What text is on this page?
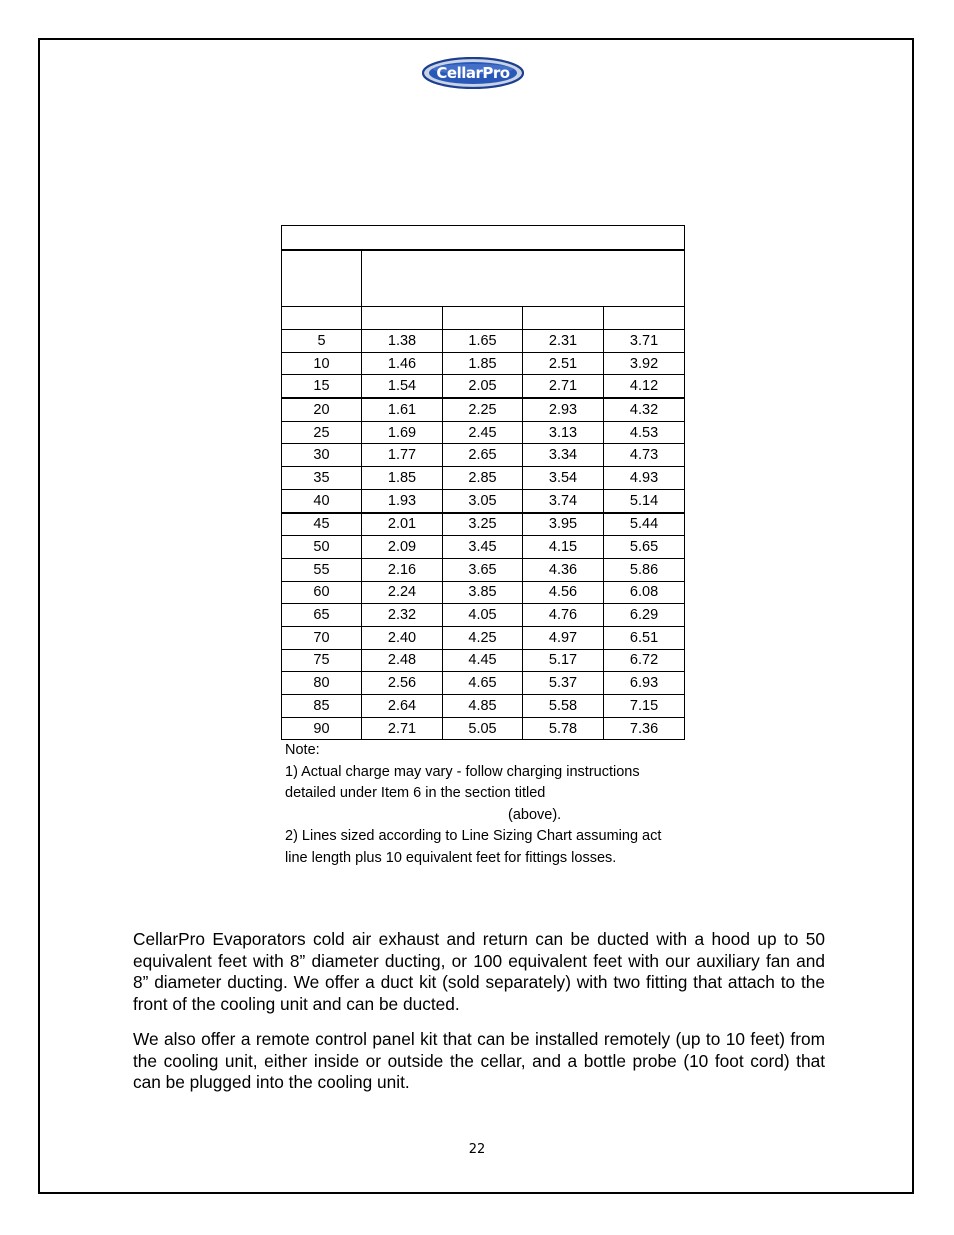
CellarPro

5	1.38	1.65	2.31	3.71
10	1.46	1.85	2.51	3.92
15	1.54	2.05	2.71	4.12
20	1.61	2.25	2.93	4.32
25	1.69	2.45	3.13	4.53
30	1.77	2.65	3.34	4.73
35	1.85	2.85	3.54	4.93
40	1.93	3.05	3.74	5.14
45	2.01	3.25	3.95	5.44
50	2.09	3.45	4.15	5.65
55	2.16	3.65	4.36	5.86
60	2.24	3.85	4.56	6.08
65	2.32	4.05	4.76	6.29
70	2.40	4.25	4.97	6.51
75	2.48	4.45	5.17	6.72
80	2.56	4.65	5.37	6.93
85	2.64	4.85	5.58	7.15
90	2.71	5.05	5.78	7.36
Note:
1) Actual charge may vary - follow charging instructions
detailed under Item 6 in the section titled
(above).
2) Lines sized according to Line Sizing Chart assuming act
line length plus 10 equivalent feet for fittings losses.

CellarPro Evaporators cold air exhaust and return can be ducted with a hood up to 50 equivalent feet with 8” diameter ducting, or 100 equivalent feet with our auxiliary fan and 8” diameter ducting. We offer a duct kit (sold separately) with two fitting that attach to the front of the cooling unit and can be ducted.

We also offer a remote control panel kit that can be installed remotely (up to 10 feet) from the cooling unit, either inside or outside the cellar, and a bottle probe (10 foot cord) that can be plugged into the cooling unit.

22
